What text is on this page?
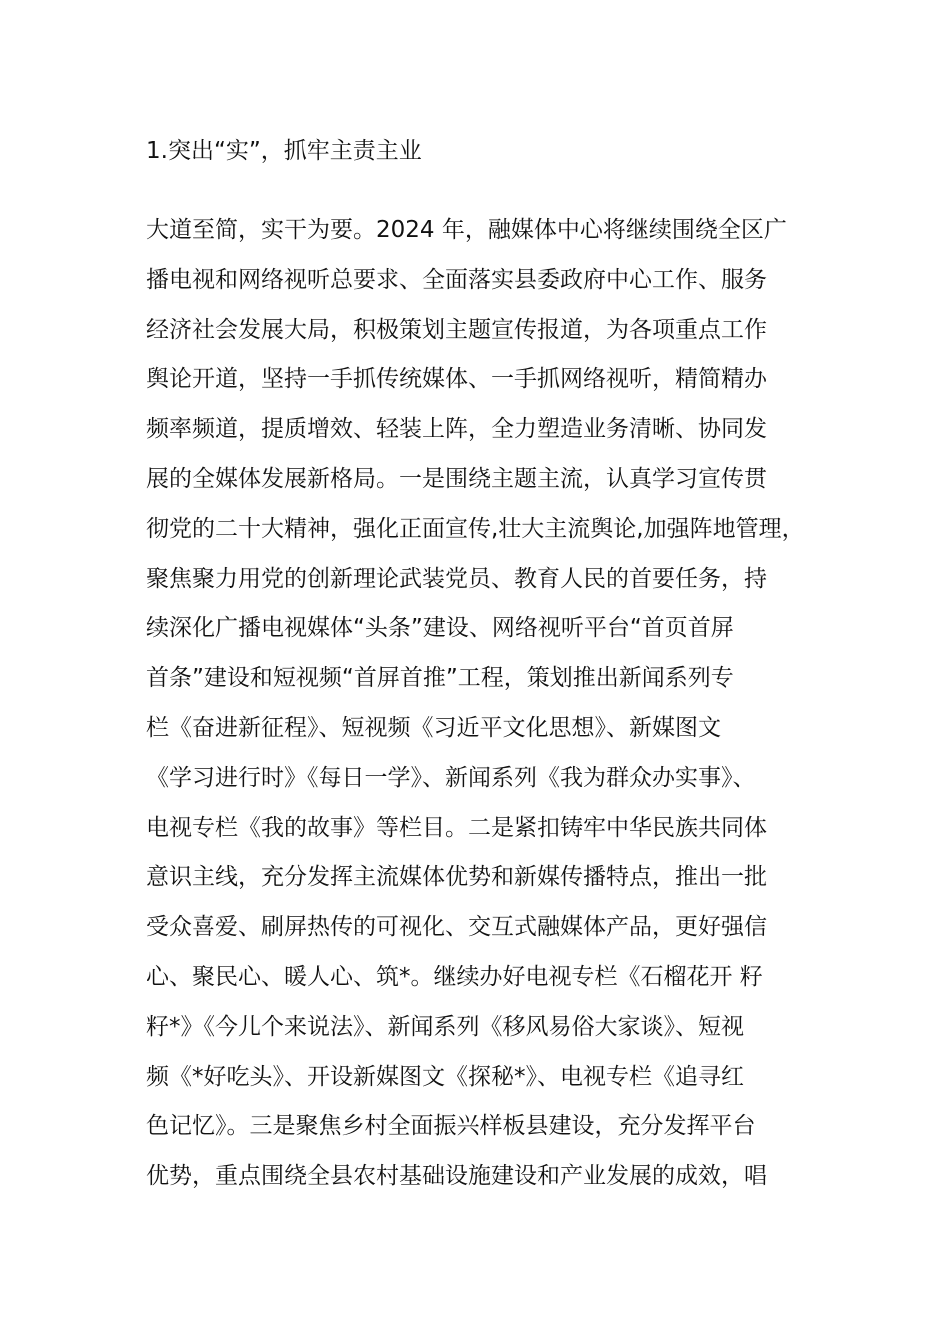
1.突出“实”，抓牢主责主业
大道至简，实干为要。2024 年，融媒体中心将继续围绕全区广
播电视和网络视听总要求、全面落实县委政府中心工作、服务
经济社会发展大局，积极策划主题宣传报道，为各项重点工作
舆论开道，坚持一手抓传统媒体、一手抓网络视听，精简精办
频率频道，提质增效、轻装上阵，全力塑造业务清晰、协同发
展的全媒体发展新格局。一是围绕主题主流，认真学习宣传贯
彻党的二十大精神，强化正面宣传,壮大主流舆论,加强阵地管理，
聚焦聚力用党的创新理论武装党员、教育人民的首要任务，持
续深化广播电视媒体“头条”建设、网络视听平台“首页首屏
首条”建设和短视频“首屏首推”工程，策划推出新闻系列专
栏《奋进新征程》、短视频《习近平文化思想》、新媒图文
《学习进行时》《每日一学》、新闻系列《我为群众办实事》、
电视专栏《我的故事》等栏目。二是紧扣铸牢中华民族共同体
意识主线，充分发挥主流媒体优势和新媒传播特点，推出一批
受众喜爱、刷屏热传的可视化、交互式融媒体产品，更好强信
心、聚民心、暖人心、筑*。继续办好电视专栏《石榴花开 籽
籽*》《今儿个来说法》、新闻系列《移风易俗大家谈》、短视
频《*好吃头》、开设新媒图文《探秘*》、电视专栏《追寻红
色记忆》。三是聚焦乡村全面振兴样板县建设，充分发挥平台
优势，重点围绕全县农村基础设施建设和产业发展的成效，唱
